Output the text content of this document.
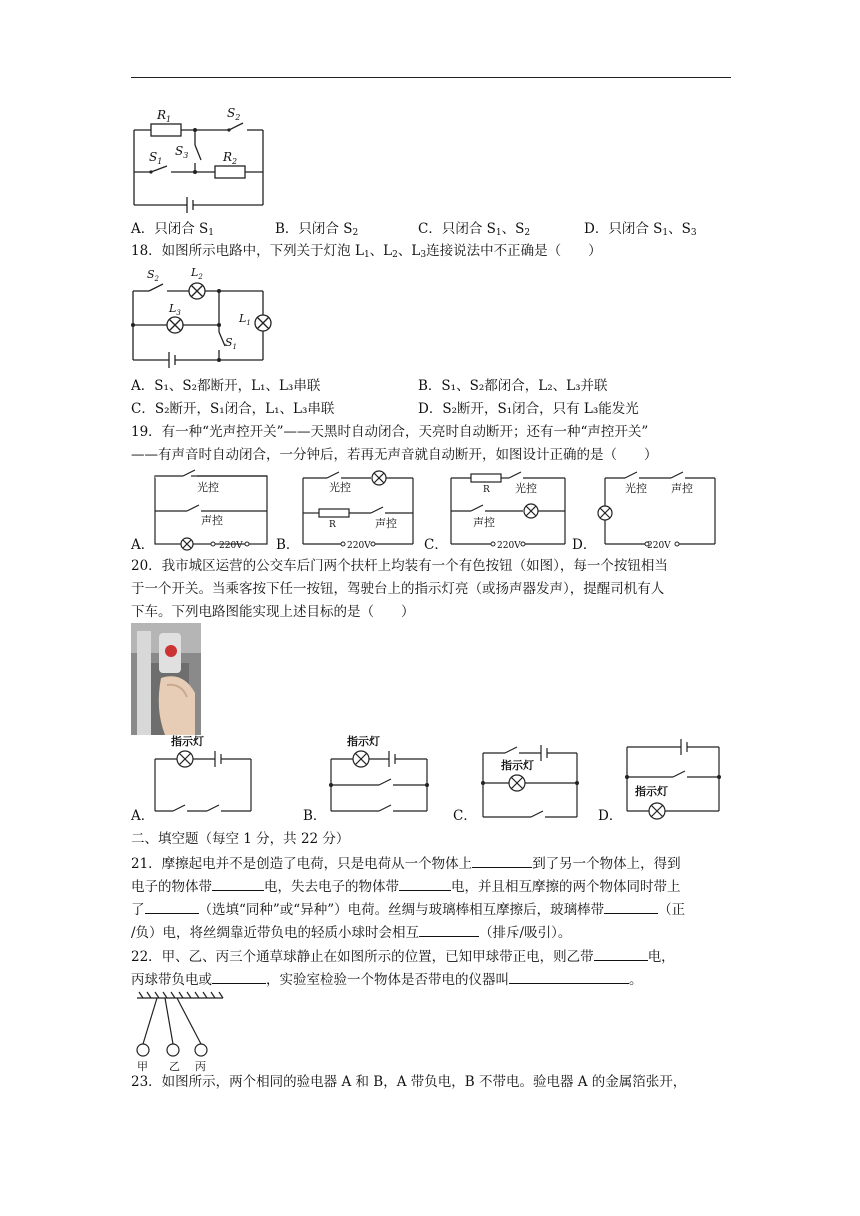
$R_1$	$S_2$
$S_3$	$R_2$
$S_1$
A．只闭合 $S_1$	B．只闭合 $S_2$	C．只闭合 $S_1$、$S_2$	D．只闭合 $S_1$、$S_3$
18．如图所示电路中，下列关于灯泡 $L_1$、$L_2$、$L_3$连接说法中不正确是（　　）
$S_2$	$L_2$
$L_3$	$L_1$
$S_1$
A．S₁、S₂都断开，L₁、L₃串联	B．S₁、S₂都闭合，L₂、L₃并联
C．S₂断开，S₁闭合，L₁、L₃串联	D．S₂断开，S₁闭合，只有 L₃能发光
19．有一种“光声控开关”——天黑时自动闭合，天亮时自动断开；还有一种“声控开关”
——有声音时自动闭合，一分钟后，若再无声音就自动断开，如图设计正确的是（　　）
光控
声控
220V
光控
R	声控
220V
R 光控
声控
220V
光控 声控
220V
A．	B．	C．	D．
20．我市城区运营的公交车后门两个扶杆上均装有一个有色按钮（如图），每一个按钮相当
于一个开关。当乘客按下任一按钮，驾驶台上的指示灯亮（或扬声器发声），提醒司机有人
下车。下列电路图能实现上述目标的是（　　）
指示灯	指示灯
指示灯
指示灯
A．	B．	C．	D．
二、填空题（每空 1 分，共 22 分）
21．摩擦起电并不是创造了电荷，只是电荷从一个物体上	到了另一个物体上，得到
电子的物体带	电，失去电子的物体带	电，并且相互摩擦的两个物体同时带上
了	（选填“同种”或“异种”）电荷。丝绸与玻璃棒相互摩擦后，玻璃棒带	（正
/负）电，将丝绸靠近带负电的轻质小球时会相互	（排斥/吸引）。
22．甲、乙、丙三个通草球静止在如图所示的位置，已知甲球带正电，则乙带	电，
丙球带负电或	，实验室检验一个物体是否带电的仪器叫	。
甲 乙 丙
23．如图所示，两个相同的验电器 A 和 B，A 带负电，B 不带电。验电器 A 的金属箔张开，
